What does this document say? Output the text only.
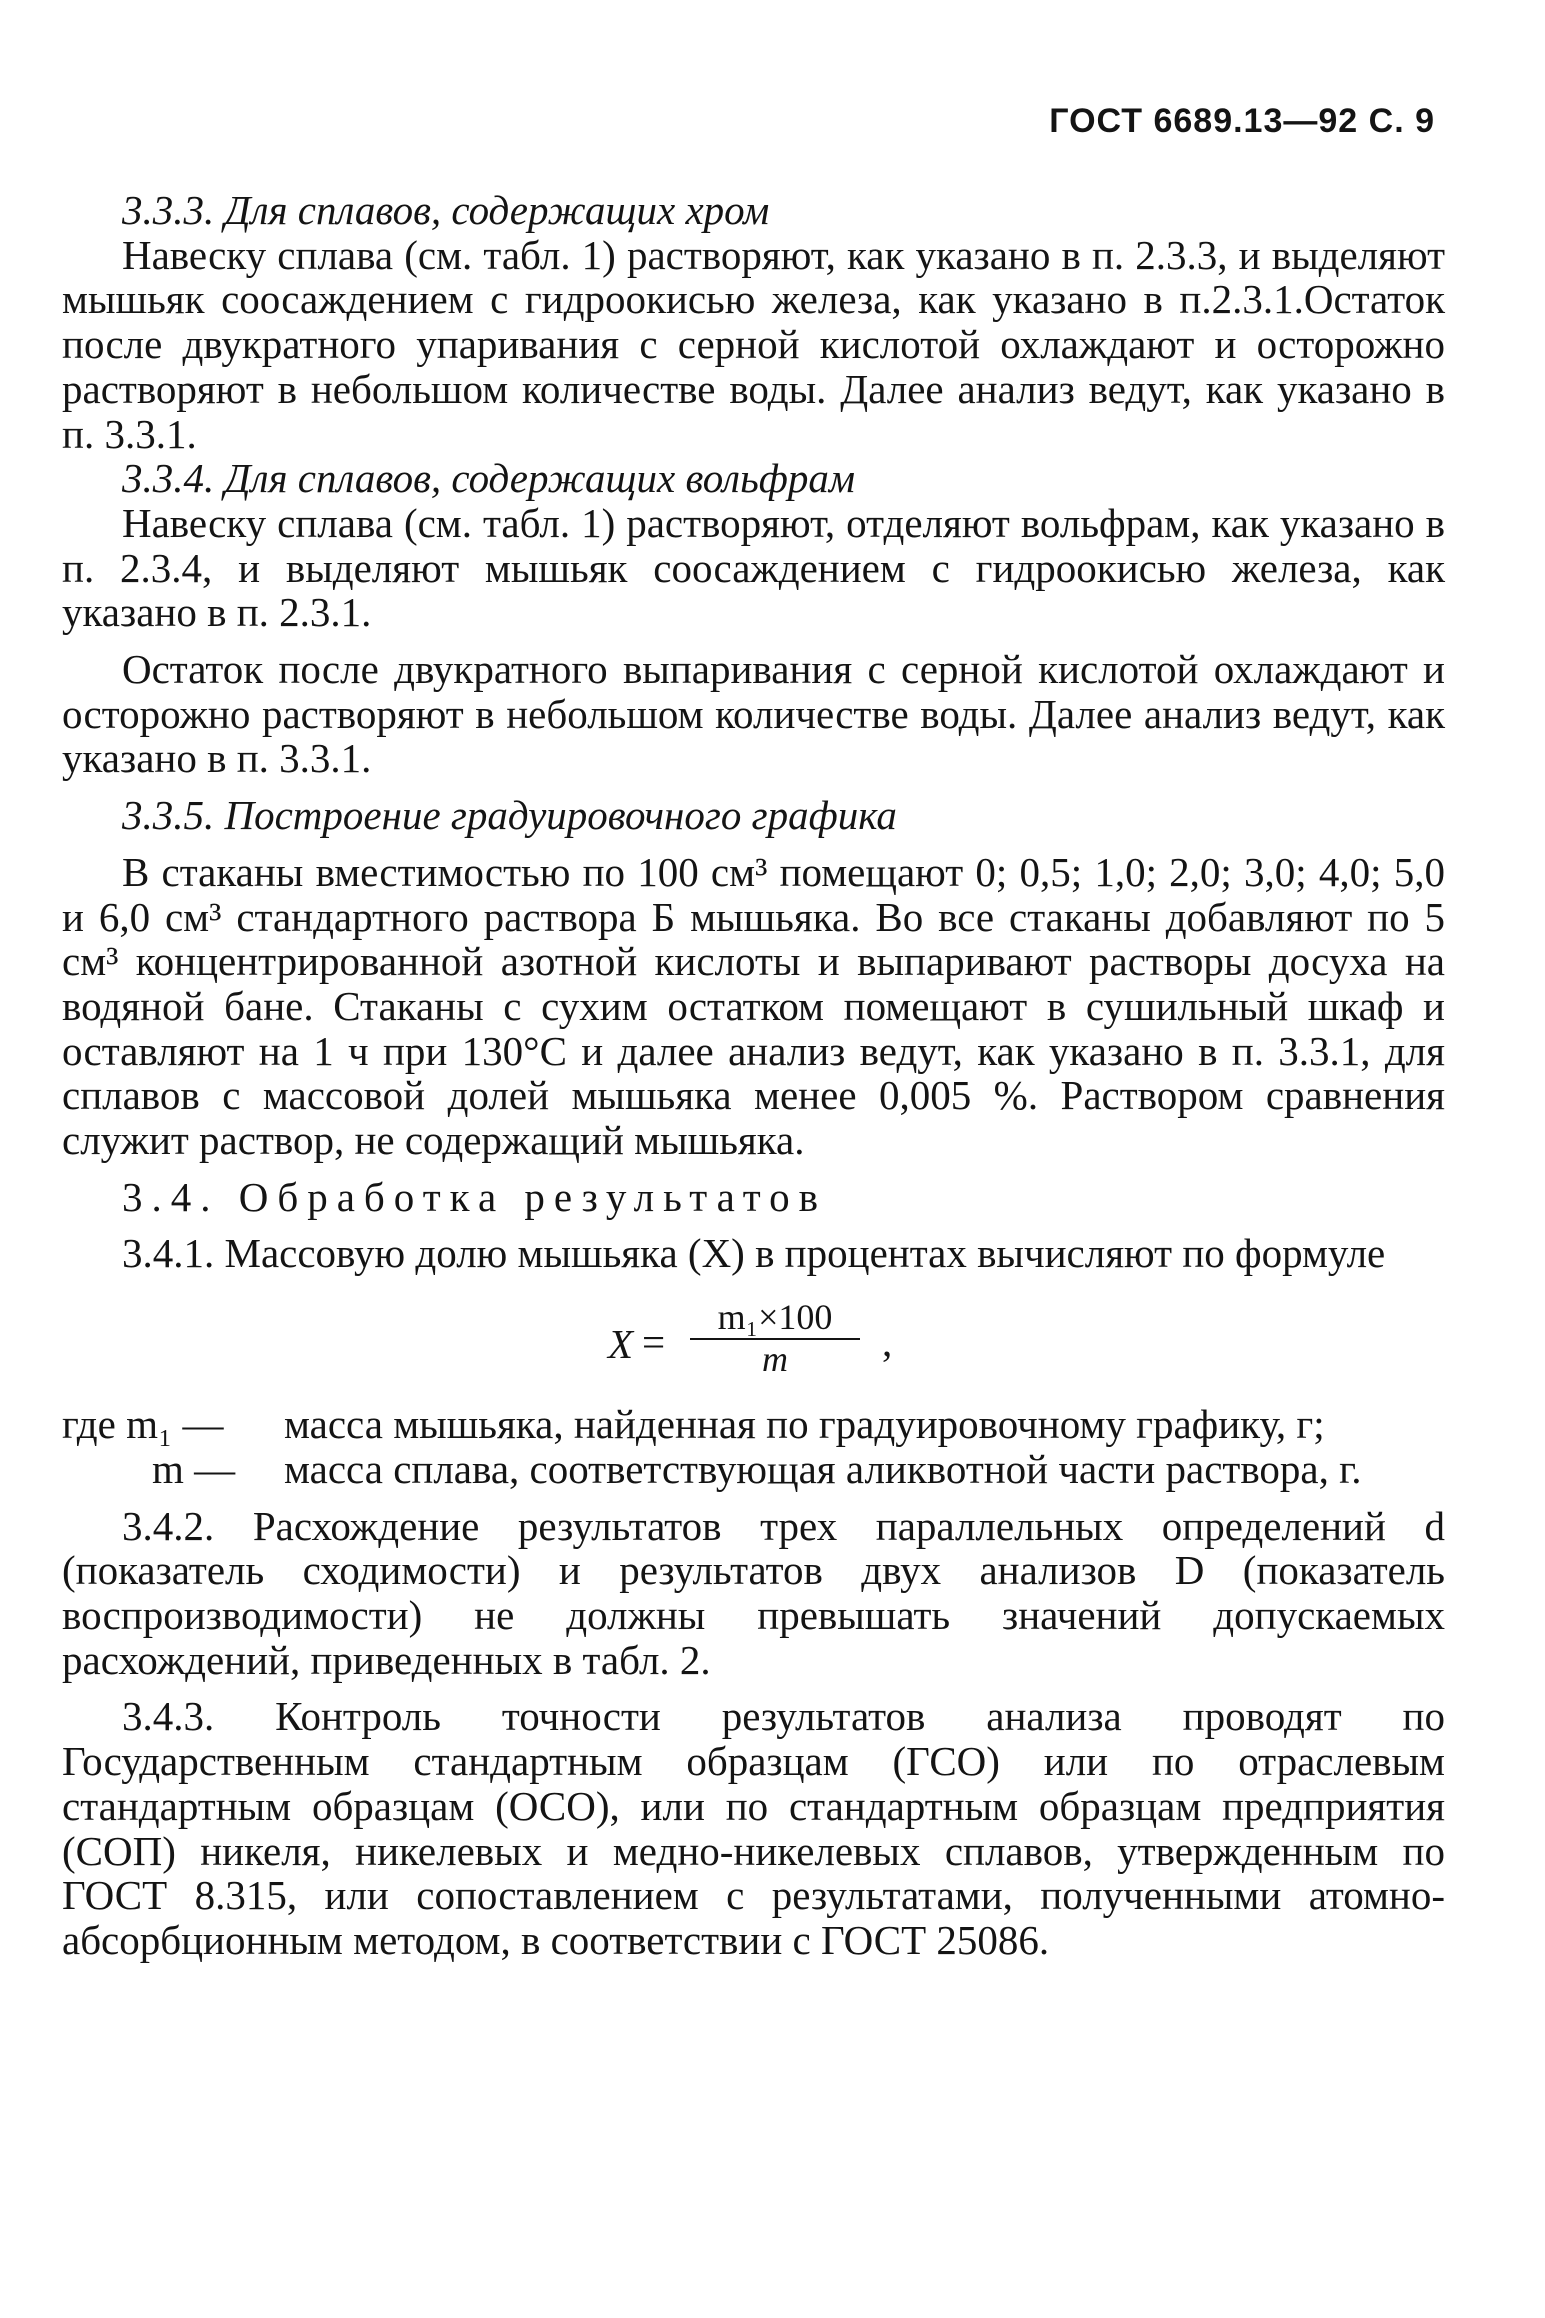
ГОСТ 6689.13—92 С. 9

3.3.3. Для сплавов, содержащих хром

Навеску сплава (см. табл. 1) растворяют, как указано в п. 2.3.3, и выделяют мышьяк соосаждением с гидроокисью железа, как указано в п.2.3.1.Остаток после двукратного упаривания с серной кислотой охлаждают и осторожно растворяют в небольшом количестве воды. Далее анализ ведут, как указано в п. 3.3.1.

3.3.4. Для сплавов, содержащих вольфрам

Навеску сплава (см. табл. 1) растворяют, отделяют вольфрам, как указано в п. 2.3.4, и выделяют мышьяк соосаждением с гидроокисью железа, как указано в п. 2.3.1.

Остаток после двукратного выпаривания с серной кислотой охлаждают и осторожно растворяют в небольшом количестве воды. Далее анализ ведут, как указано в п. 3.3.1.

3.3.5. Построение градуировочного графика

В стаканы вместимостью по 100 см³ помещают 0; 0,5; 1,0; 2,0; 3,0; 4,0; 5,0 и 6,0 см³ стандартного раствора Б мышьяка. Во все стаканы добавляют по 5 см³ концентрированной азотной кислоты и выпаривают растворы досуха на водяной бане. Стаканы с сухим остатком помещают в сушильный шкаф и оставляют на 1 ч при 130°С и далее анализ ведут, как указано в п. 3.3.1, для сплавов с массовой долей мышьяка менее 0,005 %. Раствором сравнения служит раствор, не содержащий мышьяка.

3.4. Обработка результатов

3.4.1. Массовую долю мышьяка (X) в процентах вычисляют по формуле

$X = \frac{\text{m₁×100}}{m}$ ,
где m₁ —	масса мышьяка, найденная по градуировочному графику, г;
m —	масса сплава, соответствующая аликвотной части раствора, г.

3.4.2. Расхождение результатов трех параллельных определений d (показатель сходимости) и результатов двух анализов D (показатель воспроизводимости) не должны превышать значений допускаемых расхождений, приведенных в табл. 2.

3.4.3. Контроль точности результатов анализа проводят по Государственным стандартным образцам (ГСО) или по отраслевым стандартным образцам (ОСО), или по стандартным образцам предприятия (СОП) никеля, никелевых и медно-никелевых сплавов, утвержденным по ГОСТ 8.315, или сопоставлением с результатами, полученными атомно-абсорбционным методом, в соответствии с ГОСТ 25086.
